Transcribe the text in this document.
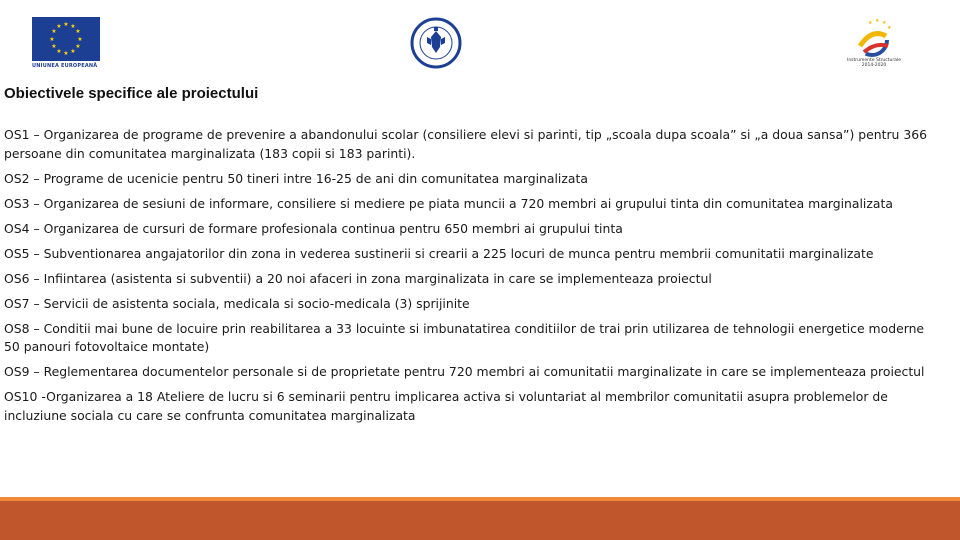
★ ★
★
★
★
★
★
★
★
★
★
★
UNIUNEA EUROPEANĂ
★ ★ ★
★
Instrumente Structurale
2014-2020
Obiectivele specifice ale proiectului

OS1 – Organizarea de programe de prevenire a abandonului scolar (consiliere elevi si parinti, tip „scoala dupa scoala” si „a doua sansa”) pentru 366 persoane din comunitatea marginalizata (183 copii si 183 parinti).

OS2 – Programe de ucenicie pentru 50 tineri intre 16-25 de ani din comunitatea marginalizata

OS3 – Organizarea de sesiuni de informare, consiliere si mediere pe piata muncii a 720 membri ai grupului tinta din comunitatea marginalizata

OS4 – Organizarea de cursuri de formare profesionala continua pentru 650 membri ai grupului tinta

OS5 – Subventionarea angajatorilor din zona in vederea sustinerii si crearii a 225 locuri de munca pentru membrii comunitatii marginalizate

OS6 – Infiintarea (asistenta si subventii) a 20 noi afaceri in zona marginalizata in care se implementeaza proiectul

OS7 – Servicii de asistenta sociala, medicala si socio-medicala (3) sprijinite

OS8 – Conditii mai bune de locuire prin reabilitarea a 33 locuinte si imbunatatirea conditiilor de trai prin utilizarea de tehnologii energetice moderne 50 panouri fotovoltaice montate)

OS9 – Reglementarea documentelor personale si de proprietate pentru 720 membri ai comunitatii marginalizate in care se implementeaza proiectul

OS10 -Organizarea a 18 Ateliere de lucru si 6 seminarii pentru implicarea activa si voluntariat al membrilor comunitatii asupra problemelor de incluziune sociala cu care se confrunta comunitatea marginalizata
